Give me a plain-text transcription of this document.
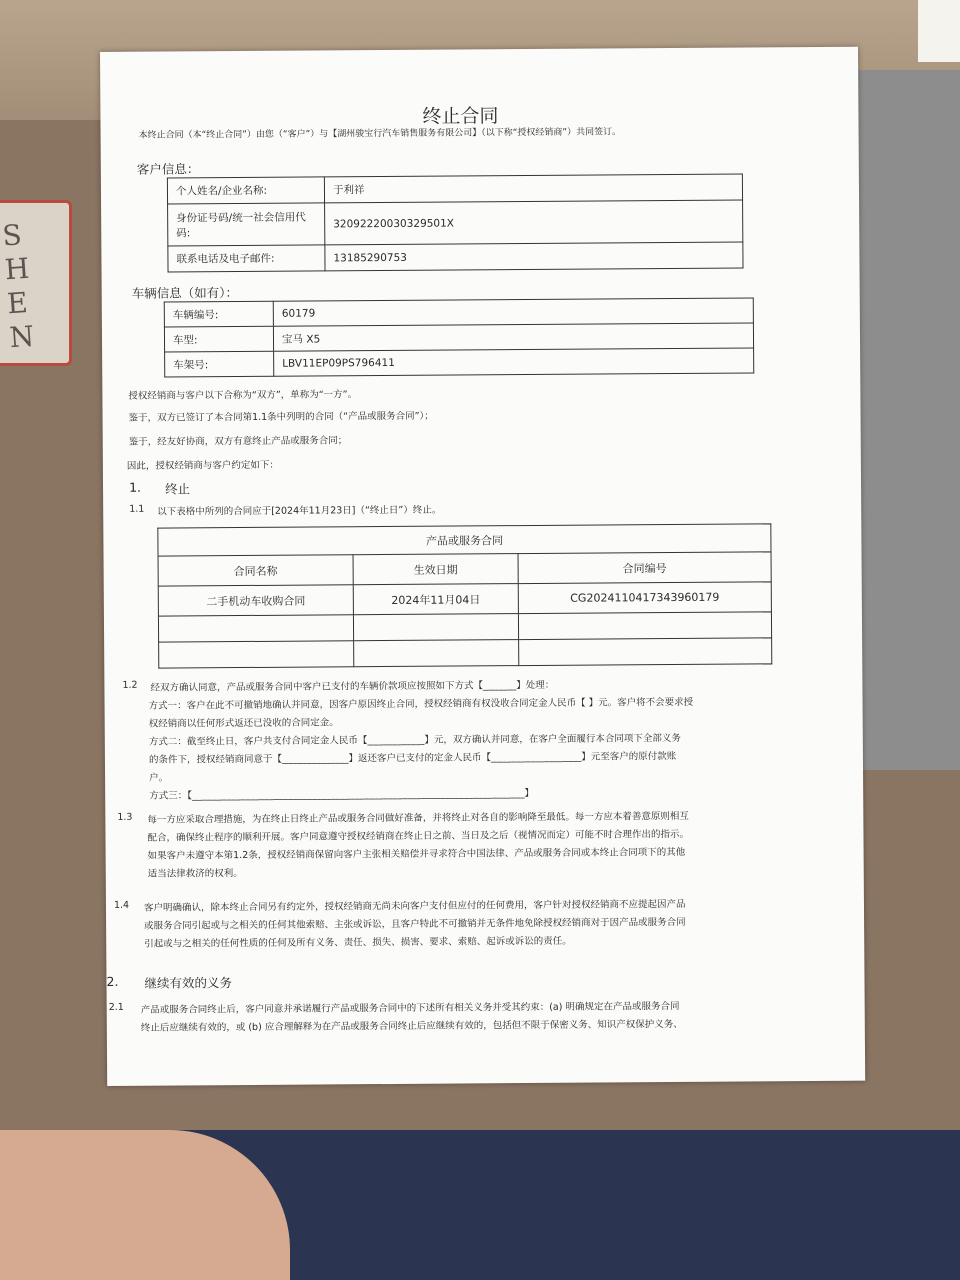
SHEN
终止合同
本终止合同（本“终止合同”）由您（“客户”）与【湖州骏宝行汽车销售服务有限公司】（以下称“授权经销商”）共同签订。
客户信息：
个人姓名/企业名称:	于利祥
身份证号码/统一社会信用代码:	32092220030329501X
联系电话及电子邮件:	13185290753
车辆信息（如有）：
车辆编号:	60179
车型:	宝马 X5
车架号:	LBV11EP09PS796411
授权经销商与客户以下合称为“双方”，单称为“一方”。
鉴于，双方已签订了本合同第1.1条中列明的合同（“产品或服务合同”）；
鉴于，经友好协商，双方有意终止产品或服务合同；
因此，授权经销商与客户约定如下：
1. 终止
1.1 以下表格中所列的合同应于[2024年11月23日]（“终止日”）终止。
产品或服务合同		
合同名称	生效日期	合同编号
二手机动车收购合同	2024年11月04日	CG2024110417343960179

1.2 经双方确认同意，产品或服务合同中客户已支付的车辆价款项应按照如下方式【_______】处理：
方式一：客户在此不可撤销地确认并同意，因客户原因终止合同，授权经销商有权没收合同定金人民币【 】元。客户将不会要求授
权经销商以任何形式返还已没收的合同定金。
方式二：截至终止日，客户共支付合同定金人民币【____________】元，双方确认并同意，在客户全面履行本合同项下全部义务
的条件下，授权经销商同意于【______________】返还客户已支付的定金人民币【___________________】元至客户的原付款账
户。
方式三：【______________________________________________________________________】
1.3 每一方应采取合理措施，为在终止日终止产品或服务合同做好准备，并将终止对各自的影响降至最低。每一方应本着善意原则相互
配合，确保终止程序的顺利开展。客户同意遵守授权经销商在终止日之前、当日及之后（视情况而定）可能不时合理作出的指示。
如果客户未遵守本第1.2条，授权经销商保留向客户主张相关赔偿并寻求符合中国法律、产品或服务合同或本终止合同项下的其他
适当法律救济的权利。
1.4 客户明确确认，除本终止合同另有约定外，授权经销商无尚未向客户支付但应付的任何费用，客户针对授权经销商不应提起因产品
或服务合同引起或与之相关的任何其他索赔、主张或诉讼，且客户特此不可撤销并无条件地免除授权经销商对于因产品或服务合同
引起或与之相关的任何性质的任何及所有义务、责任、损失、损害、要求、索赔、起诉或诉讼的责任。
2. 继续有效的义务
2.1 产品或服务合同终止后，客户同意并承诺履行产品或服务合同中的下述所有相关义务并受其约束：(a) 明确规定在产品或服务合同
终止后应继续有效的，或 (b) 应合理解释为在产品或服务合同终止后应继续有效的，包括但不限于保密义务、知识产权保护义务、
